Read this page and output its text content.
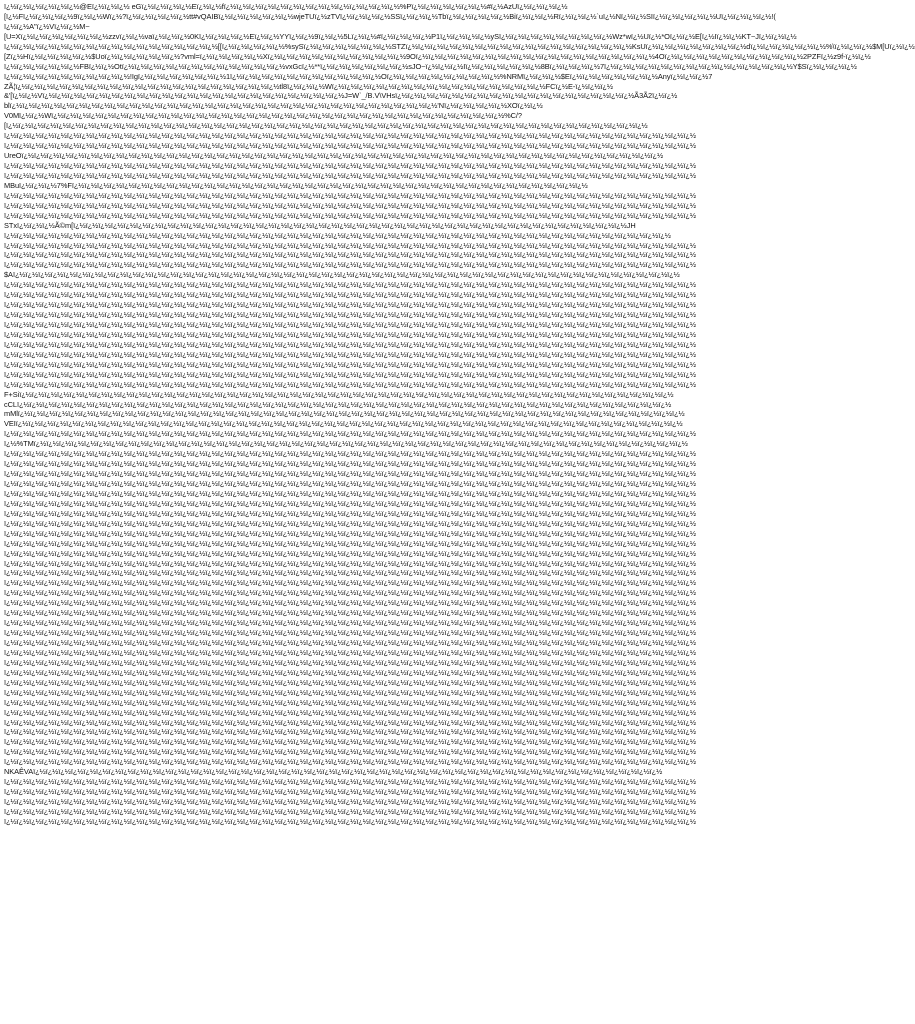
ï¿½ï¿½ï¿½ï¿½ï¿½ï¿½@Eï¿½ï¿½ï¿½ eGï¿½ï¿½ï¿½ï¿½Eï¿½ï¿½fï¿½ï¿½ï¿½ï¿½ï¿½ï¿½ï¿½ï¿½ï¿½ï¿½ï¿½ï¿½ï¿½ï¿½%Pï¿½ï¿½ï¿½ï¿½ï¿½ï¿½#ï¿½AzUï¿½ï¿½ï¿½ï¿½
[ï¿½Fï¿½ï¿½ï¿½ï¿½9ï¿½ï¿½Wï¿½?ï¿½ï¿½ï¿½ï¿½ï¿½tt#vQAIBï¿½ï¿½ï¿½ï¿½ï¿½ï¿½wjeTUï¿½zTVï¿½ï¿½ï¿½ï¿½SSï¿½ï¿½ï¿½Tbï¿½ï¿½ï¿½ï¿½ï¿½Biï¿½ï¿½ï¿½Rï¿½ï¿½ï¿½`uï¿½Nï¿½ï¿½SIï¿½ï¿½ï¿½ï¿½ï¿½Uï¿½ï¿½ï¿½ï¿½!(
ï¿½ï¿½A"ï¿½Vï¿½ï¿½M~
[U=Xï¿½ï¿½ï¿½ï¿½ï¿½ï¿½ï¿½zzvï¿½ï¿½vaï¿½ï¿½ï¿½0Kï¿½ï¿½ï¿½ï¿½Eï¿½ï¿½YYï¿½ï¿½9ï¿½ï¿½5Lï¿½ï¿½#ï¿½ï¿½ï¿½ï¿½P1ï¿½ï¿½ï¿½ï¿½ySï¿½ï¿½ï¿½ï¿½ï¿½ï¿½ï¿½ï¿½ï¿½Wz*wï¿½Uï¿½*Oï¿½ï¿½E[ï¿½Iï¿½ï¿½KT~Jï¿½ï¿½ï¿½
ï¿½ï¿½ï¿½ï¿½ï¿½ï¿½ï¿½ï¿½ï¿½ï¿½ï¿½ï¿½ï¿½ï¿½ï¿½ï¿½ï¿½[[ï¿½ï¿½ï¿½ï¿½ï¿½%sySï¿½ï¿½ï¿½ï¿½ï¿½ï¿½ï¿½STZï¿½ï¿½ï¿½ï¿½ï¿½ï¿½ï¿½ï¿½ï¿½ï¿½ï¿½ï¿½ï¿½ï¿½ï¿½ï¿½ï¿½ï¿½KsUï¿½ï¿½ï¿½ï¿½ï¿½ï¿½ï¿½ï¿½dï¿½ï¿½ï¿½ï¿½ï¿½ï¿½%\ï¿½ï¿½ï¿½$M[Uï¿½ï¿½
[Zï¿½Hï¿½ï¿½ï¿½ï¿½ï¿½$Uoï¿½ï¿½ï¿½ï¿½ï¿½ï¿½?vml=ï¿½ï¿½ï¿½ï¿½ï¿½Xï¿½ï¿½ï¿½ï¿½ï¿½ï¿½ï¿½ï¿½ï¿½ï¿½ï¿½9Oï¿½ï¿½ï¿½ï¿½ï¿½ï¿½ï¿½ï¿½ï¿½ï¿½ï¿½ï¿½ï¿½ï¿½ï¿½ï¿½ï¿½ï¿½ï¿½4Oï¿½ï¿½ï¿½ï¿½ï¿½ï¿½ï¿½ï¿½ï¿½ï¿½ï¿½2PZFï¿½z9f-ï¿½ï¿½
ï¿½ï¿½ï¿½ï¿½ï¿½ï¿½FBï¿½ï¿½Otï¿½ï¿½ï¿½ï¿½ï¿½ï¿½ï¿½ï¿½ï¿½ï¿½ï¿½ï¿½ï¿½vxGcï¿½**ï¿½ï¿½ï¿½ï¿½ï¿½ï¿½ï¿½sJO~ï¿½ï¿½ï¿½Iï¿½ï¿½ï¿½ï¿½ï¿½ï¿½8Bï¿½ï¿½ï¿½ï¿½7ï¿½ï¿½ï¿½ï¿½ï¿½ï¿½ï¿½ï¿½ï¿½ï¿½ï¿½ï¿½ï¿½ï¿½ï¿½Y$Sï¿½ï¿½ï¿½ï¿½
ï¿½ï¿½ï¿½ï¿½ï¿½ï¿½ï¿½ï¿½ï¿½ï¿½!Igï¿½ï¿½ï¿½ï¿½ï¿½ï¿½ï¿½1ï¿½ï¿½ï¿½ï¿½ï¿½ï¿½ï¿½ï¿½ï¿½ï¿½ï¿½ï¿½Oï¿½ï¿½ï¿½ï¿½ï¿½ï¿½ï¿½ï¿½ï¿½%NRMï¿½ï¿½ï¿½$Eï¿½ï¿½ï¿½ï¿½ï¿½ï¿½ï¿½Anyï¿½ï¿½ï¿½7
ZÃ¦ï¿½ï¿½ï¿½ï¿½ï¿½ï¿½ï¿½ï¿½ï¿½ï¿½ï¿½ï¿½ï¿½ï¿½ï¿½ï¿½ï¿½ï¿½ï¿½ï¿½ï¿½tl8ï¿½ï¿½ï¿½Wï¿½ï¿½ï¿½ï¿½ï¿½ï¿½ï¿½ï¿½ï¿½ï¿½ï¿½ï¿½ï¿½ï¿½ï¿½ï¿½ï¿½FCï¿½E-ï¿½ï¿½ï¿½
&'[ï¿½ï¿½Vï¿½ï¿½ï¿½ï¿½ï¿½ï¿½ï¿½ï¿½ï¿½ï¿½ï¿½ï¿½ï¿½ï¿½ï¿½ï¿½ï¿½ï¿½ï¿½ï¿½ï¿½ï¿½ï¿½ï¿½J=W`_/B.V\VHsï¿½ï¿½ï¿½ï¿½ï¿½ï¿½ï¿½ï¿½ï¿½ï¿½ï¿½ï¿½ï¿½ï¿½ï¿½ï¿½ï¿½ï¿½ï¿½Ã3Ã2ï¿½ï¿½
blï¿½ï¿½ï¿½ï¿½ï¿½ï¿½ï¿½ï¿½ï¿½ï¿½ï¿½ï¿½ï¿½ï¿½ï¿½ï¿½ï¿½ï¿½ï¿½ï¿½ï¿½ï¿½ï¿½ï¿½ï¿½ï¿½ï¿½ï¿½ï¿½ï¿½ï¿½ï¿½ï¿½ï¿½'Nï¿½ï¿½ï¿½ï¿½ï¿½XOï¿½ï¿½
V0Mï¿½ï¿½Wï¿½ï¿½ï¿½ï¿½ï¿½ï¿½ï¿½ï¿½ï¿½ï¿½ï¿½ï¿½ï¿½ï¿½ï¿½ï¿½ï¿½ï¿½ï¿½ï¿½ï¿½ï¿½ï¿½ï¿½ï¿½ï¿½ï¿½ï¿½ï¿½ï¿½ï¿½ï¿½ï¿½ï¿½ï¿½ï¿½%C/?
[ï¿½ï¿½ï¿½ï¿½ï¿½ï¿½ï¿½ï¿½ï¿½ï¿½ï¿½ï¿½ï¿½ï¿½ï¿½ï¿½ï¿½ï¿½ï¿½ï¿½ï¿½ï¿½ï¿½ï¿½ï¿½ï¿½ï¿½ï¿½ï¿½ï¿½ï¿½ï¿½ï¿½ï¿½ï¿½ï¿½ï¿½ï¿½ï¿½ï¿½ï¿½ï¿½ï¿½ï¿½ï¿½ï¿½ï¿½ï¿½ï¿½ï¿½ï¿½
ï¿½ï¿½ï¿½ï¿½ï¿½ï¿½ï¿½ï¿½ï¿½ï¿½ï¿½ï¿½ï¿½ï¿½ï¿½ï¿½ï¿½ï¿½ï¿½ï¿½ï¿½ï¿½ï¿½ï¿½ï¿½ï¿½ï¿½ï¿½ï¿½ï¿½ï¿½ï¿½ï¿½ï¿½ï¿½ï¿½ï¿½ï¿½ï¿½ï¿½ï¿½ï¿½ï¿½ï¿½ï¿½ï¿½ï¿½ï¿½ï¿½ï¿½ï¿½ï¿½ï¿½ï¿½ï¿½
ï¿½ï¿½ï¿½ï¿½ï¿½ï¿½ï¿½ï¿½ï¿½ï¿½ï¿½ï¿½ï¿½ï¿½ï¿½ï¿½ï¿½ï¿½ï¿½ï¿½ï¿½ï¿½ï¿½ï¿½ï¿½ï¿½ï¿½ï¿½ï¿½ï¿½ï¿½ï¿½ï¿½ï¿½ï¿½ï¿½ï¿½ï¿½ï¿½ï¿½ï¿½ï¿½ï¿½ï¿½ï¿½ï¿½ï¿½ï¿½ï¿½ï¿½ï¿½ï¿½ï¿½ï¿½ï¿½
UreOï¿½ï¿½ï¿½ï¿½ï¿½ï¿½ï¿½ï¿½ï¿½ï¿½ï¿½ï¿½ï¿½ï¿½ï¿½ï¿½ï¿½ï¿½ï¿½ï¿½ï¿½ï¿½ï¿½ï¿½ï¿½ï¿½ï¿½ï¿½ï¿½ï¿½ï¿½ï¿½ï¿½ï¿½ï¿½ï¿½ï¿½ï¿½ï¿½ï¿½ï¿½ï¿½ï¿½ï¿½ï¿½ï¿½ï¿½ï¿½ï¿½ï¿½ï¿½
ï¿½ï¿½ï¿½ï¿½ï¿½ï¿½ï¿½ï¿½ï¿½ï¿½ï¿½ï¿½ï¿½ï¿½ï¿½ï¿½ï¿½ï¿½ï¿½ï¿½ï¿½ï¿½ï¿½ï¿½ï¿½ï¿½ï¿½ï¿½ï¿½ï¿½ï¿½ï¿½ï¿½ï¿½ï¿½ï¿½ï¿½ï¿½ï¿½ï¿½ï¿½ï¿½ï¿½ï¿½ï¿½ï¿½ï¿½ï¿½ï¿½ï¿½ï¿½ï¿½ï¿½ï¿½ï¿½
ï¿½ï¿½ï¿½ï¿½ï¿½ï¿½ï¿½ï¿½ï¿½ï¿½ï¿½ï¿½ï¿½ï¿½ï¿½ï¿½ï¿½ï¿½ï¿½ï¿½ï¿½ï¿½ï¿½ï¿½ï¿½ï¿½ï¿½ï¿½ï¿½ï¿½ï¿½ï¿½ï¿½ï¿½ï¿½ï¿½ï¿½ï¿½ï¿½ï¿½ï¿½ï¿½ï¿½ï¿½ï¿½ï¿½ï¿½ï¿½ï¿½ï¿½ï¿½ï¿½ï¿½ï¿½ï¿½
MBuï¿½ï¿½ï¿½7%Fï¿½ï¿½ï¿½ï¿½ï¿½ï¿½ï¿½ï¿½ï¿½ï¿½ï¿½ï¿½ï¿½ï¿½ï¿½ï¿½ï¿½ï¿½ï¿½ï¿½ï¿½ï¿½ï¿½ï¿½ï¿½ï¿½ï¿½ï¿½ï¿½ï¿½ï¿½ï¿½ï¿½ï¿½ï¿½ï¿½ï¿½ï¿½ï¿½ï¿½ï¿½
ï¿½ï¿½ï¿½ï¿½ï¿½ï¿½ï¿½ï¿½ï¿½ï¿½ï¿½ï¿½ï¿½ï¿½ï¿½ï¿½ï¿½ï¿½ï¿½ï¿½ï¿½ï¿½ï¿½ï¿½ï¿½ï¿½ï¿½ï¿½ï¿½ï¿½ï¿½ï¿½ï¿½ï¿½ï¿½ï¿½ï¿½ï¿½ï¿½ï¿½ï¿½ï¿½ï¿½ï¿½ï¿½ï¿½ï¿½ï¿½ï¿½ï¿½ï¿½ï¿½ï¿½ï¿½ï¿½
ï¿½ï¿½ï¿½ï¿½ï¿½ï¿½ï¿½ï¿½ï¿½ï¿½ï¿½ï¿½ï¿½ï¿½ï¿½ï¿½ï¿½ï¿½ï¿½ï¿½ï¿½ï¿½ï¿½ï¿½ï¿½ï¿½ï¿½ï¿½ï¿½ï¿½ï¿½ï¿½ï¿½ï¿½ï¿½ï¿½ï¿½ï¿½ï¿½ï¿½ï¿½ï¿½ï¿½ï¿½ï¿½ï¿½ï¿½ï¿½ï¿½ï¿½ï¿½ï¿½ï¿½ï¿½ï¿½
ï¿½ï¿½ï¿½ï¿½ï¿½ï¿½ï¿½ï¿½ï¿½ï¿½ï¿½ï¿½ï¿½ï¿½ï¿½ï¿½ï¿½ï¿½ï¿½ï¿½ï¿½ï¿½ï¿½ï¿½ï¿½ï¿½ï¿½ï¿½ï¿½ï¿½ï¿½ï¿½ï¿½ï¿½ï¿½ï¿½ï¿½ï¿½ï¿½ï¿½ï¿½ï¿½ï¿½ï¿½ï¿½ï¿½ï¿½ï¿½ï¿½ï¿½ï¿½ï¿½ï¿½ï¿½ï¿½
STxï¿½ï¿½ï¿½Ã©m[ï¿½ï¿½ï¿½ï¿½ï¿½ï¿½ï¿½ï¿½ï¿½ï¿½ï¿½ï¿½ï¿½ï¿½ï¿½ï¿½ï¿½ï¿½ï¿½ï¿½ï¿½ï¿½ï¿½ï¿½ï¿½ï¿½ï¿½ï¿½ï¿½ï¿½ï¿½ï¿½ï¿½ï¿½ï¿½ï¿½ï¿½ï¿½ï¿½ï¿½ï¿½ï¿½ï¿½ï¿½JH
ï¿½ï¿½ï¿½ï¿½ï¿½ï¿½ï¿½ï¿½ï¿½ï¿½ï¿½ï¿½ï¿½ï¿½ï¿½ï¿½ï¿½ï¿½ï¿½ï¿½ï¿½ï¿½ï¿½ï¿½ï¿½ï¿½ï¿½ï¿½ï¿½ï¿½ï¿½ï¿½ï¿½ï¿½ï¿½ï¿½ï¿½ï¿½ï¿½ï¿½ï¿½ï¿½ï¿½ï¿½ï¿½ï¿½ï¿½ï¿½ï¿½ï¿½ï¿½ï¿½ï¿½
ï¿½ï¿½ï¿½ï¿½ï¿½ï¿½ï¿½ï¿½ï¿½ï¿½ï¿½ï¿½ï¿½ï¿½ï¿½ï¿½ï¿½ï¿½ï¿½ï¿½ï¿½ï¿½ï¿½ï¿½ï¿½ï¿½ï¿½ï¿½ï¿½ï¿½ï¿½ï¿½ï¿½ï¿½ï¿½ï¿½ï¿½ï¿½ï¿½ï¿½ï¿½ï¿½ï¿½ï¿½ï¿½ï¿½ï¿½ï¿½ï¿½ï¿½ï¿½ï¿½ï¿½ï¿½ï¿½
ï¿½ï¿½ï¿½ï¿½ï¿½ï¿½ï¿½ï¿½ï¿½ï¿½ï¿½ï¿½ï¿½ï¿½ï¿½ï¿½ï¿½ï¿½ï¿½ï¿½ï¿½ï¿½ï¿½ï¿½ï¿½ï¿½ï¿½ï¿½ï¿½ï¿½ï¿½ï¿½ï¿½ï¿½ï¿½ï¿½ï¿½ï¿½ï¿½ï¿½ï¿½ï¿½ï¿½ï¿½ï¿½ï¿½ï¿½ï¿½ï¿½ï¿½ï¿½ï¿½ï¿½ï¿½ï¿½
ï¿½ï¿½ï¿½ï¿½ï¿½ï¿½ï¿½ï¿½ï¿½ï¿½ï¿½ï¿½ï¿½ï¿½ï¿½ï¿½ï¿½ï¿½ï¿½ï¿½ï¿½ï¿½ï¿½ï¿½ï¿½ï¿½ï¿½ï¿½ï¿½ï¿½ï¿½ï¿½ï¿½ï¿½ï¿½ï¿½ï¿½ï¿½ï¿½ï¿½ï¿½ï¿½ï¿½ï¿½ï¿½ï¿½ï¿½ï¿½ï¿½ï¿½ï¿½ï¿½ï¿½ï¿½ï¿½
$Aï¿½ï¿½ï¿½ï¿½ï¿½ï¿½ï¿½ï¿½ï¿½ï¿½ï¿½ï¿½ï¿½ï¿½ï¿½ï¿½ï¿½ï¿½ï¿½ï¿½ï¿½ï¿½ï¿½ï¿½ï¿½ï¿½ï¿½ï¿½ï¿½ï¿½ï¿½ï¿½ï¿½ï¿½ï¿½ï¿½ï¿½ï¿½ï¿½ï¿½ï¿½ï¿½ï¿½ï¿½ï¿½ï¿½ï¿½ï¿½ï¿½ï¿½ï¿½ï¿½ï¿½
ï¿½ï¿½ï¿½ï¿½ï¿½ï¿½ï¿½ï¿½ï¿½ï¿½ï¿½ï¿½ï¿½ï¿½ï¿½ï¿½ï¿½ï¿½ï¿½ï¿½ï¿½ï¿½ï¿½ï¿½ï¿½ï¿½ï¿½ï¿½ï¿½ï¿½ï¿½ï¿½ï¿½ï¿½ï¿½ï¿½ï¿½ï¿½ï¿½ï¿½ï¿½ï¿½ï¿½ï¿½ï¿½ï¿½ï¿½ï¿½ï¿½ï¿½ï¿½ï¿½ï¿½ï¿½ï¿½
ï¿½ï¿½ï¿½ï¿½ï¿½ï¿½ï¿½ï¿½ï¿½ï¿½ï¿½ï¿½ï¿½ï¿½ï¿½ï¿½ï¿½ï¿½ï¿½ï¿½ï¿½ï¿½ï¿½ï¿½ï¿½ï¿½ï¿½ï¿½ï¿½ï¿½ï¿½ï¿½ï¿½ï¿½ï¿½ï¿½ï¿½ï¿½ï¿½ï¿½ï¿½ï¿½ï¿½ï¿½ï¿½ï¿½ï¿½ï¿½ï¿½ï¿½ï¿½ï¿½ï¿½ï¿½ï¿½
ï¿½ï¿½ï¿½ï¿½ï¿½ï¿½ï¿½ï¿½ï¿½ï¿½ï¿½ï¿½ï¿½ï¿½ï¿½ï¿½ï¿½ï¿½ï¿½ï¿½ï¿½ï¿½ï¿½ï¿½ï¿½ï¿½ï¿½ï¿½ï¿½ï¿½ï¿½ï¿½ï¿½ï¿½ï¿½ï¿½ï¿½ï¿½ï¿½ï¿½ï¿½ï¿½ï¿½ï¿½ï¿½ï¿½ï¿½ï¿½ï¿½ï¿½ï¿½ï¿½ï¿½ï¿½ï¿½
ï¿½ï¿½ï¿½ï¿½ï¿½ï¿½ï¿½ï¿½ï¿½ï¿½ï¿½ï¿½ï¿½ï¿½ï¿½ï¿½ï¿½ï¿½ï¿½ï¿½ï¿½ï¿½ï¿½ï¿½ï¿½ï¿½ï¿½ï¿½ï¿½ï¿½ï¿½ï¿½ï¿½ï¿½ï¿½ï¿½ï¿½ï¿½ï¿½ï¿½ï¿½ï¿½ï¿½ï¿½ï¿½ï¿½ï¿½ï¿½ï¿½ï¿½ï¿½ï¿½ï¿½ï¿½ï¿½
ï¿½ï¿½ï¿½ï¿½ï¿½ï¿½ï¿½ï¿½ï¿½ï¿½ï¿½ï¿½ï¿½ï¿½ï¿½ï¿½ï¿½ï¿½ï¿½ï¿½ï¿½ï¿½ï¿½ï¿½ï¿½ï¿½ï¿½ï¿½ï¿½ï¿½ï¿½ï¿½ï¿½ï¿½ï¿½ï¿½ï¿½ï¿½ï¿½ï¿½ï¿½ï¿½ï¿½ï¿½ï¿½ï¿½ï¿½ï¿½ï¿½ï¿½ï¿½ï¿½ï¿½ï¿½ï¿½
ï¿½ï¿½ï¿½ï¿½ï¿½ï¿½ï¿½ï¿½ï¿½ï¿½ï¿½ï¿½ï¿½ï¿½ï¿½ï¿½ï¿½ï¿½ï¿½ï¿½ï¿½ï¿½ï¿½ï¿½ï¿½ï¿½ï¿½ï¿½ï¿½ï¿½ï¿½ï¿½ï¿½ï¿½ï¿½ï¿½ï¿½ï¿½ï¿½ï¿½ï¿½ï¿½ï¿½ï¿½ï¿½ï¿½ï¿½ï¿½ï¿½ï¿½ï¿½ï¿½ï¿½ï¿½ï¿½
ï¿½ï¿½ï¿½ï¿½ï¿½ï¿½ï¿½ï¿½ï¿½ï¿½ï¿½ï¿½ï¿½ï¿½ï¿½ï¿½ï¿½ï¿½ï¿½ï¿½ï¿½ï¿½ï¿½ï¿½ï¿½ï¿½ï¿½ï¿½ï¿½ï¿½ï¿½ï¿½ï¿½ï¿½ï¿½ï¿½ï¿½ï¿½ï¿½ï¿½ï¿½ï¿½ï¿½ï¿½ï¿½ï¿½ï¿½ï¿½ï¿½ï¿½ï¿½ï¿½ï¿½ï¿½ï¿½
ï¿½ï¿½ï¿½ï¿½ï¿½ï¿½ï¿½ï¿½ï¿½ï¿½ï¿½ï¿½ï¿½ï¿½ï¿½ï¿½ï¿½ï¿½ï¿½ï¿½ï¿½ï¿½ï¿½ï¿½ï¿½ï¿½ï¿½ï¿½ï¿½ï¿½ï¿½ï¿½ï¿½ï¿½ï¿½ï¿½ï¿½ï¿½ï¿½ï¿½ï¿½ï¿½ï¿½ï¿½ï¿½ï¿½ï¿½ï¿½ï¿½ï¿½ï¿½ï¿½ï¿½ï¿½ï¿½
ï¿½ï¿½ï¿½ï¿½ï¿½ï¿½ï¿½ï¿½ï¿½ï¿½ï¿½ï¿½ï¿½ï¿½ï¿½ï¿½ï¿½ï¿½ï¿½ï¿½ï¿½ï¿½ï¿½ï¿½ï¿½ï¿½ï¿½ï¿½ï¿½ï¿½ï¿½ï¿½ï¿½ï¿½ï¿½ï¿½ï¿½ï¿½ï¿½ï¿½ï¿½ï¿½ï¿½ï¿½ï¿½ï¿½ï¿½ï¿½ï¿½ï¿½ï¿½ï¿½ï¿½ï¿½ï¿½
ï¿½ï¿½ï¿½ï¿½ï¿½ï¿½ï¿½ï¿½ï¿½ï¿½ï¿½ï¿½ï¿½ï¿½ï¿½ï¿½ï¿½ï¿½ï¿½ï¿½ï¿½ï¿½ï¿½ï¿½ï¿½ï¿½ï¿½ï¿½ï¿½ï¿½ï¿½ï¿½ï¿½ï¿½ï¿½ï¿½ï¿½ï¿½ï¿½ï¿½ï¿½ï¿½ï¿½ï¿½ï¿½ï¿½ï¿½ï¿½ï¿½ï¿½ï¿½ï¿½ï¿½ï¿½ï¿½
ï¿½ï¿½ï¿½ï¿½ï¿½ï¿½ï¿½ï¿½ï¿½ï¿½ï¿½ï¿½ï¿½ï¿½ï¿½ï¿½ï¿½ï¿½ï¿½ï¿½ï¿½ï¿½ï¿½ï¿½ï¿½ï¿½ï¿½ï¿½ï¿½ï¿½ï¿½ï¿½ï¿½ï¿½ï¿½ï¿½ï¿½ï¿½ï¿½ï¿½ï¿½ï¿½ï¿½ï¿½ï¿½ï¿½ï¿½ï¿½ï¿½ï¿½ï¿½ï¿½ï¿½ï¿½ï¿½
F+Siï¿½ï¿½ï¿½ï¿½ï¿½ï¿½ï¿½ï¿½ï¿½ï¿½ï¿½ï¿½ï¿½ï¿½ï¿½ï¿½ï¿½ï¿½ï¿½ï¿½ï¿½ï¿½ï¿½ï¿½ï¿½ï¿½ï¿½ï¿½ï¿½ï¿½ï¿½ï¿½ï¿½ï¿½ï¿½ï¿½ï¿½ï¿½ï¿½ï¿½ï¿½ï¿½ï¿½ï¿½ï¿½ï¿½ï¿½ï¿½ï¿½ï¿½ï¿½ï¿½
cCLï¿½ï¿½ï¿½ï¿½ï¿½ï¿½ï¿½ï¿½ï¿½ï¿½ï¿½ï¿½ï¿½ï¿½ï¿½ï¿½ï¿½ï¿½ï¿½ï¿½ï¿½ï¿½ï¿½ï¿½ï¿½ï¿½ï¿½ï¿½ï¿½ï¿½ï¿½ï¿½ï¿½ï¿½ï¿½ï¿½ï¿½ï¿½ï¿½ï¿½ï¿½ï¿½ï¿½ï¿½ï¿½ï¿½ï¿½ï¿½ï¿½ï¿½ï¿½ï¿½
mMlï¿½ï¿½ï¿½ï¿½ï¿½ï¿½ï¿½ï¿½ï¿½ï¿½ï¿½ï¿½ï¿½ï¿½ï¿½ï¿½ï¿½ï¿½ï¿½ï¿½ï¿½ï¿½ï¿½ï¿½ï¿½ï¿½ï¿½ï¿½ï¿½ï¿½ï¿½ï¿½ï¿½ï¿½ï¿½ï¿½ï¿½ï¿½ï¿½ï¿½ï¿½ï¿½ï¿½ï¿½ï¿½ï¿½ï¿½ï¿½ï¿½ï¿½ï¿½ï¿½ï¿½
VEIï¿½ï¿½ï¿½ï¿½ï¿½ï¿½ï¿½ï¿½ï¿½ï¿½ï¿½ï¿½ï¿½ï¿½ï¿½ï¿½ï¿½ï¿½ï¿½ï¿½ï¿½ï¿½ï¿½ï¿½ï¿½ï¿½ï¿½ï¿½ï¿½ï¿½ï¿½ï¿½ï¿½ï¿½ï¿½ï¿½ï¿½ï¿½ï¿½ï¿½ï¿½ï¿½ï¿½ï¿½ï¿½ï¿½ï¿½ï¿½ï¿½ï¿½ï¿½ï¿½ï¿½
ï¿½ï¿½ï¿½ï¿½ï¿½ï¿½ï¿½ï¿½ï¿½ï¿½ï¿½ï¿½ï¿½ï¿½ï¿½ï¿½ï¿½ï¿½ï¿½ï¿½ï¿½ï¿½ï¿½ï¿½ï¿½ï¿½ï¿½ï¿½ï¿½ï¿½ï¿½ï¿½ï¿½ï¿½ï¿½ï¿½ï¿½ï¿½ï¿½ï¿½ï¿½ï¿½ï¿½ï¿½ï¿½ï¿½ï¿½ï¿½ï¿½ï¿½ï¿½ï¿½ï¿½ï¿½ï¿½
ï¿½%TMï¿½ï¿½ï¿½ï¿½ï¿½ï¿½ï¿½ï¿½ï¿½ï¿½ï¿½ï¿½ï¿½ï¿½ï¿½ï¿½ï¿½ï¿½ï¿½ï¿½ï¿½ï¿½ï¿½ï¿½ï¿½ï¿½ï¿½ï¿½ï¿½ï¿½ï¿½ï¿½ï¿½ï¿½ï¿½ï¿½ï¿½ï¿½ï¿½ï¿½ï¿½ï¿½ï¿½ï¿½ï¿½ï¿½ï¿½ï¿½ï¿½ï¿½ï¿½ï¿½
ï¿½ï¿½ï¿½ï¿½ï¿½ï¿½ï¿½ï¿½ï¿½ï¿½ï¿½ï¿½ï¿½ï¿½ï¿½ï¿½ï¿½ï¿½ï¿½ï¿½ï¿½ï¿½ï¿½ï¿½ï¿½ï¿½ï¿½ï¿½ï¿½ï¿½ï¿½ï¿½ï¿½ï¿½ï¿½ï¿½ï¿½ï¿½ï¿½ï¿½ï¿½ï¿½ï¿½ï¿½ï¿½ï¿½ï¿½ï¿½ï¿½ï¿½ï¿½ï¿½ï¿½ï¿½ï¿½
ï¿½ï¿½ï¿½ï¿½ï¿½ï¿½ï¿½ï¿½ï¿½ï¿½ï¿½ï¿½ï¿½ï¿½ï¿½ï¿½ï¿½ï¿½ï¿½ï¿½ï¿½ï¿½ï¿½ï¿½ï¿½ï¿½ï¿½ï¿½ï¿½ï¿½ï¿½ï¿½ï¿½ï¿½ï¿½ï¿½ï¿½ï¿½ï¿½ï¿½ï¿½ï¿½ï¿½ï¿½ï¿½ï¿½ï¿½ï¿½ï¿½ï¿½ï¿½ï¿½ï¿½ï¿½ï¿½
ï¿½ï¿½ï¿½ï¿½ï¿½ï¿½ï¿½ï¿½ï¿½ï¿½ï¿½ï¿½ï¿½ï¿½ï¿½ï¿½ï¿½ï¿½ï¿½ï¿½ï¿½ï¿½ï¿½ï¿½ï¿½ï¿½ï¿½ï¿½ï¿½ï¿½ï¿½ï¿½ï¿½ï¿½ï¿½ï¿½ï¿½ï¿½ï¿½ï¿½ï¿½ï¿½ï¿½ï¿½ï¿½ï¿½ï¿½ï¿½ï¿½ï¿½ï¿½ï¿½ï¿½ï¿½ï¿½
ï¿½ï¿½ï¿½ï¿½ï¿½ï¿½ï¿½ï¿½ï¿½ï¿½ï¿½ï¿½ï¿½ï¿½ï¿½ï¿½ï¿½ï¿½ï¿½ï¿½ï¿½ï¿½ï¿½ï¿½ï¿½ï¿½ï¿½ï¿½ï¿½ï¿½ï¿½ï¿½ï¿½ï¿½ï¿½ï¿½ï¿½ï¿½ï¿½ï¿½ï¿½ï¿½ï¿½ï¿½ï¿½ï¿½ï¿½ï¿½ï¿½ï¿½ï¿½ï¿½ï¿½ï¿½ï¿½
ï¿½ï¿½ï¿½ï¿½ï¿½ï¿½ï¿½ï¿½ï¿½ï¿½ï¿½ï¿½ï¿½ï¿½ï¿½ï¿½ï¿½ï¿½ï¿½ï¿½ï¿½ï¿½ï¿½ï¿½ï¿½ï¿½ï¿½ï¿½ï¿½ï¿½ï¿½ï¿½ï¿½ï¿½ï¿½ï¿½ï¿½ï¿½ï¿½ï¿½ï¿½ï¿½ï¿½ï¿½ï¿½ï¿½ï¿½ï¿½ï¿½ï¿½ï¿½ï¿½ï¿½ï¿½ï¿½
ï¿½ï¿½ï¿½ï¿½ï¿½ï¿½ï¿½ï¿½ï¿½ï¿½ï¿½ï¿½ï¿½ï¿½ï¿½ï¿½ï¿½ï¿½ï¿½ï¿½ï¿½ï¿½ï¿½ï¿½ï¿½ï¿½ï¿½ï¿½ï¿½ï¿½ï¿½ï¿½ï¿½ï¿½ï¿½ï¿½ï¿½ï¿½ï¿½ï¿½ï¿½ï¿½ï¿½ï¿½ï¿½ï¿½ï¿½ï¿½ï¿½ï¿½ï¿½ï¿½ï¿½ï¿½ï¿½
ï¿½ï¿½ï¿½ï¿½ï¿½ï¿½ï¿½ï¿½ï¿½ï¿½ï¿½ï¿½ï¿½ï¿½ï¿½ï¿½ï¿½ï¿½ï¿½ï¿½ï¿½ï¿½ï¿½ï¿½ï¿½ï¿½ï¿½ï¿½ï¿½ï¿½ï¿½ï¿½ï¿½ï¿½ï¿½ï¿½ï¿½ï¿½ï¿½ï¿½ï¿½ï¿½ï¿½ï¿½ï¿½ï¿½ï¿½ï¿½ï¿½ï¿½ï¿½ï¿½ï¿½ï¿½ï¿½
ï¿½ï¿½ï¿½ï¿½ï¿½ï¿½ï¿½ï¿½ï¿½ï¿½ï¿½ï¿½ï¿½ï¿½ï¿½ï¿½ï¿½ï¿½ï¿½ï¿½ï¿½ï¿½ï¿½ï¿½ï¿½ï¿½ï¿½ï¿½ï¿½ï¿½ï¿½ï¿½ï¿½ï¿½ï¿½ï¿½ï¿½ï¿½ï¿½ï¿½ï¿½ï¿½ï¿½ï¿½ï¿½ï¿½ï¿½ï¿½ï¿½ï¿½ï¿½ï¿½ï¿½ï¿½ï¿½
ï¿½ï¿½ï¿½ï¿½ï¿½ï¿½ï¿½ï¿½ï¿½ï¿½ï¿½ï¿½ï¿½ï¿½ï¿½ï¿½ï¿½ï¿½ï¿½ï¿½ï¿½ï¿½ï¿½ï¿½ï¿½ï¿½ï¿½ï¿½ï¿½ï¿½ï¿½ï¿½ï¿½ï¿½ï¿½ï¿½ï¿½ï¿½ï¿½ï¿½ï¿½ï¿½ï¿½ï¿½ï¿½ï¿½ï¿½ï¿½ï¿½ï¿½ï¿½ï¿½ï¿½ï¿½ï¿½
ï¿½ï¿½ï¿½ï¿½ï¿½ï¿½ï¿½ï¿½ï¿½ï¿½ï¿½ï¿½ï¿½ï¿½ï¿½ï¿½ï¿½ï¿½ï¿½ï¿½ï¿½ï¿½ï¿½ï¿½ï¿½ï¿½ï¿½ï¿½ï¿½ï¿½ï¿½ï¿½ï¿½ï¿½ï¿½ï¿½ï¿½ï¿½ï¿½ï¿½ï¿½ï¿½ï¿½ï¿½ï¿½ï¿½ï¿½ï¿½ï¿½ï¿½ï¿½ï¿½ï¿½ï¿½ï¿½
ï¿½ï¿½ï¿½ï¿½ï¿½ï¿½ï¿½ï¿½ï¿½ï¿½ï¿½ï¿½ï¿½ï¿½ï¿½ï¿½ï¿½ï¿½ï¿½ï¿½ï¿½ï¿½ï¿½ï¿½ï¿½ï¿½ï¿½ï¿½ï¿½ï¿½ï¿½ï¿½ï¿½ï¿½ï¿½ï¿½ï¿½ï¿½ï¿½ï¿½ï¿½ï¿½ï¿½ï¿½ï¿½ï¿½ï¿½ï¿½ï¿½ï¿½ï¿½ï¿½ï¿½ï¿½ï¿½
ï¿½ï¿½ï¿½ï¿½ï¿½ï¿½ï¿½ï¿½ï¿½ï¿½ï¿½ï¿½ï¿½ï¿½ï¿½ï¿½ï¿½ï¿½ï¿½ï¿½ï¿½ï¿½ï¿½ï¿½ï¿½ï¿½ï¿½ï¿½ï¿½ï¿½ï¿½ï¿½ï¿½ï¿½ï¿½ï¿½ï¿½ï¿½ï¿½ï¿½ï¿½ï¿½ï¿½ï¿½ï¿½ï¿½ï¿½ï¿½ï¿½ï¿½ï¿½ï¿½ï¿½ï¿½ï¿½
ï¿½ï¿½ï¿½ï¿½ï¿½ï¿½ï¿½ï¿½ï¿½ï¿½ï¿½ï¿½ï¿½ï¿½ï¿½ï¿½ï¿½ï¿½ï¿½ï¿½ï¿½ï¿½ï¿½ï¿½ï¿½ï¿½ï¿½ï¿½ï¿½ï¿½ï¿½ï¿½ï¿½ï¿½ï¿½ï¿½ï¿½ï¿½ï¿½ï¿½ï¿½ï¿½ï¿½ï¿½ï¿½ï¿½ï¿½ï¿½ï¿½ï¿½ï¿½ï¿½ï¿½ï¿½ï¿½
ï¿½ï¿½ï¿½ï¿½ï¿½ï¿½ï¿½ï¿½ï¿½ï¿½ï¿½ï¿½ï¿½ï¿½ï¿½ï¿½ï¿½ï¿½ï¿½ï¿½ï¿½ï¿½ï¿½ï¿½ï¿½ï¿½ï¿½ï¿½ï¿½ï¿½ï¿½ï¿½ï¿½ï¿½ï¿½ï¿½ï¿½ï¿½ï¿½ï¿½ï¿½ï¿½ï¿½ï¿½ï¿½ï¿½ï¿½ï¿½ï¿½ï¿½ï¿½ï¿½ï¿½ï¿½ï¿½
ï¿½ï¿½ï¿½ï¿½ï¿½ï¿½ï¿½ï¿½ï¿½ï¿½ï¿½ï¿½ï¿½ï¿½ï¿½ï¿½ï¿½ï¿½ï¿½ï¿½ï¿½ï¿½ï¿½ï¿½ï¿½ï¿½ï¿½ï¿½ï¿½ï¿½ï¿½ï¿½ï¿½ï¿½ï¿½ï¿½ï¿½ï¿½ï¿½ï¿½ï¿½ï¿½ï¿½ï¿½ï¿½ï¿½ï¿½ï¿½ï¿½ï¿½ï¿½ï¿½ï¿½ï¿½ï¿½
ï¿½ï¿½ï¿½ï¿½ï¿½ï¿½ï¿½ï¿½ï¿½ï¿½ï¿½ï¿½ï¿½ï¿½ï¿½ï¿½ï¿½ï¿½ï¿½ï¿½ï¿½ï¿½ï¿½ï¿½ï¿½ï¿½ï¿½ï¿½ï¿½ï¿½ï¿½ï¿½ï¿½ï¿½ï¿½ï¿½ï¿½ï¿½ï¿½ï¿½ï¿½ï¿½ï¿½ï¿½ï¿½ï¿½ï¿½ï¿½ï¿½ï¿½ï¿½ï¿½ï¿½ï¿½ï¿½
ï¿½ï¿½ï¿½ï¿½ï¿½ï¿½ï¿½ï¿½ï¿½ï¿½ï¿½ï¿½ï¿½ï¿½ï¿½ï¿½ï¿½ï¿½ï¿½ï¿½ï¿½ï¿½ï¿½ï¿½ï¿½ï¿½ï¿½ï¿½ï¿½ï¿½ï¿½ï¿½ï¿½ï¿½ï¿½ï¿½ï¿½ï¿½ï¿½ï¿½ï¿½ï¿½ï¿½ï¿½ï¿½ï¿½ï¿½ï¿½ï¿½ï¿½ï¿½ï¿½ï¿½ï¿½ï¿½
ï¿½ï¿½ï¿½ï¿½ï¿½ï¿½ï¿½ï¿½ï¿½ï¿½ï¿½ï¿½ï¿½ï¿½ï¿½ï¿½ï¿½ï¿½ï¿½ï¿½ï¿½ï¿½ï¿½ï¿½ï¿½ï¿½ï¿½ï¿½ï¿½ï¿½ï¿½ï¿½ï¿½ï¿½ï¿½ï¿½ï¿½ï¿½ï¿½ï¿½ï¿½ï¿½ï¿½ï¿½ï¿½ï¿½ï¿½ï¿½ï¿½ï¿½ï¿½ï¿½ï¿½ï¿½ï¿½
ï¿½ï¿½ï¿½ï¿½ï¿½ï¿½ï¿½ï¿½ï¿½ï¿½ï¿½ï¿½ï¿½ï¿½ï¿½ï¿½ï¿½ï¿½ï¿½ï¿½ï¿½ï¿½ï¿½ï¿½ï¿½ï¿½ï¿½ï¿½ï¿½ï¿½ï¿½ï¿½ï¿½ï¿½ï¿½ï¿½ï¿½ï¿½ï¿½ï¿½ï¿½ï¿½ï¿½ï¿½ï¿½ï¿½ï¿½ï¿½ï¿½ï¿½ï¿½ï¿½ï¿½ï¿½ï¿½
ï¿½ï¿½ï¿½ï¿½ï¿½ï¿½ï¿½ï¿½ï¿½ï¿½ï¿½ï¿½ï¿½ï¿½ï¿½ï¿½ï¿½ï¿½ï¿½ï¿½ï¿½ï¿½ï¿½ï¿½ï¿½ï¿½ï¿½ï¿½ï¿½ï¿½ï¿½ï¿½ï¿½ï¿½ï¿½ï¿½ï¿½ï¿½ï¿½ï¿½ï¿½ï¿½ï¿½ï¿½ï¿½ï¿½ï¿½ï¿½ï¿½ï¿½ï¿½ï¿½ï¿½ï¿½ï¿½
ï¿½ï¿½ï¿½ï¿½ï¿½ï¿½ï¿½ï¿½ï¿½ï¿½ï¿½ï¿½ï¿½ï¿½ï¿½ï¿½ï¿½ï¿½ï¿½ï¿½ï¿½ï¿½ï¿½ï¿½ï¿½ï¿½ï¿½ï¿½ï¿½ï¿½ï¿½ï¿½ï¿½ï¿½ï¿½ï¿½ï¿½ï¿½ï¿½ï¿½ï¿½ï¿½ï¿½ï¿½ï¿½ï¿½ï¿½ï¿½ï¿½ï¿½ï¿½ï¿½ï¿½ï¿½ï¿½
ï¿½ï¿½ï¿½ï¿½ï¿½ï¿½ï¿½ï¿½ï¿½ï¿½ï¿½ï¿½ï¿½ï¿½ï¿½ï¿½ï¿½ï¿½ï¿½ï¿½ï¿½ï¿½ï¿½ï¿½ï¿½ï¿½ï¿½ï¿½ï¿½ï¿½ï¿½ï¿½ï¿½ï¿½ï¿½ï¿½ï¿½ï¿½ï¿½ï¿½ï¿½ï¿½ï¿½ï¿½ï¿½ï¿½ï¿½ï¿½ï¿½ï¿½ï¿½ï¿½ï¿½ï¿½ï¿½
ï¿½ï¿½ï¿½ï¿½ï¿½ï¿½ï¿½ï¿½ï¿½ï¿½ï¿½ï¿½ï¿½ï¿½ï¿½ï¿½ï¿½ï¿½ï¿½ï¿½ï¿½ï¿½ï¿½ï¿½ï¿½ï¿½ï¿½ï¿½ï¿½ï¿½ï¿½ï¿½ï¿½ï¿½ï¿½ï¿½ï¿½ï¿½ï¿½ï¿½ï¿½ï¿½ï¿½ï¿½ï¿½ï¿½ï¿½ï¿½ï¿½ï¿½ï¿½ï¿½ï¿½ï¿½ï¿½
ï¿½ï¿½ï¿½ï¿½ï¿½ï¿½ï¿½ï¿½ï¿½ï¿½ï¿½ï¿½ï¿½ï¿½ï¿½ï¿½ï¿½ï¿½ï¿½ï¿½ï¿½ï¿½ï¿½ï¿½ï¿½ï¿½ï¿½ï¿½ï¿½ï¿½ï¿½ï¿½ï¿½ï¿½ï¿½ï¿½ï¿½ï¿½ï¿½ï¿½ï¿½ï¿½ï¿½ï¿½ï¿½ï¿½ï¿½ï¿½ï¿½ï¿½ï¿½ï¿½ï¿½ï¿½ï¿½
ï¿½ï¿½ï¿½ï¿½ï¿½ï¿½ï¿½ï¿½ï¿½ï¿½ï¿½ï¿½ï¿½ï¿½ï¿½ï¿½ï¿½ï¿½ï¿½ï¿½ï¿½ï¿½ï¿½ï¿½ï¿½ï¿½ï¿½ï¿½ï¿½ï¿½ï¿½ï¿½ï¿½ï¿½ï¿½ï¿½ï¿½ï¿½ï¿½ï¿½ï¿½ï¿½ï¿½ï¿½ï¿½ï¿½ï¿½ï¿½ï¿½ï¿½ï¿½ï¿½ï¿½ï¿½ï¿½
ï¿½ï¿½ï¿½ï¿½ï¿½ï¿½ï¿½ï¿½ï¿½ï¿½ï¿½ï¿½ï¿½ï¿½ï¿½ï¿½ï¿½ï¿½ï¿½ï¿½ï¿½ï¿½ï¿½ï¿½ï¿½ï¿½ï¿½ï¿½ï¿½ï¿½ï¿½ï¿½ï¿½ï¿½ï¿½ï¿½ï¿½ï¿½ï¿½ï¿½ï¿½ï¿½ï¿½ï¿½ï¿½ï¿½ï¿½ï¿½ï¿½ï¿½ï¿½ï¿½ï¿½ï¿½ï¿½
ï¿½ï¿½ï¿½ï¿½ï¿½ï¿½ï¿½ï¿½ï¿½ï¿½ï¿½ï¿½ï¿½ï¿½ï¿½ï¿½ï¿½ï¿½ï¿½ï¿½ï¿½ï¿½ï¿½ï¿½ï¿½ï¿½ï¿½ï¿½ï¿½ï¿½ï¿½ï¿½ï¿½ï¿½ï¿½ï¿½ï¿½ï¿½ï¿½ï¿½ï¿½ï¿½ï¿½ï¿½ï¿½ï¿½ï¿½ï¿½ï¿½ï¿½ï¿½ï¿½ï¿½ï¿½ï¿½
ï¿½ï¿½ï¿½ï¿½ï¿½ï¿½ï¿½ï¿½ï¿½ï¿½ï¿½ï¿½ï¿½ï¿½ï¿½ï¿½ï¿½ï¿½ï¿½ï¿½ï¿½ï¿½ï¿½ï¿½ï¿½ï¿½ï¿½ï¿½ï¿½ï¿½ï¿½ï¿½ï¿½ï¿½ï¿½ï¿½ï¿½ï¿½ï¿½ï¿½ï¿½ï¿½ï¿½ï¿½ï¿½ï¿½ï¿½ï¿½ï¿½ï¿½ï¿½ï¿½ï¿½ï¿½ï¿½
ï¿½ï¿½ï¿½ï¿½ï¿½ï¿½ï¿½ï¿½ï¿½ï¿½ï¿½ï¿½ï¿½ï¿½ï¿½ï¿½ï¿½ï¿½ï¿½ï¿½ï¿½ï¿½ï¿½ï¿½ï¿½ï¿½ï¿½ï¿½ï¿½ï¿½ï¿½ï¿½ï¿½ï¿½ï¿½ï¿½ï¿½ï¿½ï¿½ï¿½ï¿½ï¿½ï¿½ï¿½ï¿½ï¿½ï¿½ï¿½ï¿½ï¿½ï¿½ï¿½ï¿½ï¿½ï¿½
ï¿½ï¿½ï¿½ï¿½ï¿½ï¿½ï¿½ï¿½ï¿½ï¿½ï¿½ï¿½ï¿½ï¿½ï¿½ï¿½ï¿½ï¿½ï¿½ï¿½ï¿½ï¿½ï¿½ï¿½ï¿½ï¿½ï¿½ï¿½ï¿½ï¿½ï¿½ï¿½ï¿½ï¿½ï¿½ï¿½ï¿½ï¿½ï¿½ï¿½ï¿½ï¿½ï¿½ï¿½ï¿½ï¿½ï¿½ï¿½ï¿½ï¿½ï¿½ï¿½ï¿½ï¿½ï¿½
ï¿½ï¿½ï¿½ï¿½ï¿½ï¿½ï¿½ï¿½ï¿½ï¿½ï¿½ï¿½ï¿½ï¿½ï¿½ï¿½ï¿½ï¿½ï¿½ï¿½ï¿½ï¿½ï¿½ï¿½ï¿½ï¿½ï¿½ï¿½ï¿½ï¿½ï¿½ï¿½ï¿½ï¿½ï¿½ï¿½ï¿½ï¿½ï¿½ï¿½ï¿½ï¿½ï¿½ï¿½ï¿½ï¿½ï¿½ï¿½ï¿½ï¿½ï¿½ï¿½ï¿½ï¿½ï¿½
ï¿½ï¿½ï¿½ï¿½ï¿½ï¿½ï¿½ï¿½ï¿½ï¿½ï¿½ï¿½ï¿½ï¿½ï¿½ï¿½ï¿½ï¿½ï¿½ï¿½ï¿½ï¿½ï¿½ï¿½ï¿½ï¿½ï¿½ï¿½ï¿½ï¿½ï¿½ï¿½ï¿½ï¿½ï¿½ï¿½ï¿½ï¿½ï¿½ï¿½ï¿½ï¿½ï¿½ï¿½ï¿½ï¿½ï¿½ï¿½ï¿½ï¿½ï¿½ï¿½ï¿½ï¿½ï¿½
NKAÊVAï¿½ï¿½ï¿½ï¿½ï¿½ï¿½ï¿½ï¿½ï¿½ï¿½ï¿½ï¿½ï¿½ï¿½ï¿½ï¿½ï¿½ï¿½ï¿½ï¿½ï¿½ï¿½ï¿½ï¿½ï¿½ï¿½ï¿½ï¿½ï¿½ï¿½ï¿½ï¿½ï¿½ï¿½ï¿½ï¿½ï¿½ï¿½ï¿½ï¿½ï¿½ï¿½ï¿½ï¿½ï¿½ï¿½ï¿½ï¿½ï¿½ï¿½
ï¿½ï¿½ï¿½ï¿½ï¿½ï¿½ï¿½ï¿½ï¿½ï¿½ï¿½ï¿½ï¿½ï¿½ï¿½ï¿½ï¿½ï¿½ï¿½ï¿½ï¿½ï¿½ï¿½ï¿½ï¿½ï¿½ï¿½ï¿½ï¿½ï¿½ï¿½ï¿½ï¿½ï¿½ï¿½ï¿½ï¿½ï¿½ï¿½ï¿½ï¿½ï¿½ï¿½ï¿½ï¿½ï¿½ï¿½ï¿½ï¿½ï¿½ï¿½ï¿½ï¿½ï¿½ï¿½
ï¿½ï¿½ï¿½ï¿½ï¿½ï¿½ï¿½ï¿½ï¿½ï¿½ï¿½ï¿½ï¿½ï¿½ï¿½ï¿½ï¿½ï¿½ï¿½ï¿½ï¿½ï¿½ï¿½ï¿½ï¿½ï¿½ï¿½ï¿½ï¿½ï¿½ï¿½ï¿½ï¿½ï¿½ï¿½ï¿½ï¿½ï¿½ï¿½ï¿½ï¿½ï¿½ï¿½ï¿½ï¿½ï¿½ï¿½ï¿½ï¿½ï¿½ï¿½ï¿½ï¿½ï¿½ï¿½
ï¿½ï¿½ï¿½ï¿½ï¿½ï¿½ï¿½ï¿½ï¿½ï¿½ï¿½ï¿½ï¿½ï¿½ï¿½ï¿½ï¿½ï¿½ï¿½ï¿½ï¿½ï¿½ï¿½ï¿½ï¿½ï¿½ï¿½ï¿½ï¿½ï¿½ï¿½ï¿½ï¿½ï¿½ï¿½ï¿½ï¿½ï¿½ï¿½ï¿½ï¿½ï¿½ï¿½ï¿½ï¿½ï¿½ï¿½ï¿½ï¿½ï¿½ï¿½ï¿½ï¿½ï¿½ï¿½
ï¿½ï¿½ï¿½ï¿½ï¿½ï¿½ï¿½ï¿½ï¿½ï¿½ï¿½ï¿½ï¿½ï¿½ï¿½ï¿½ï¿½ï¿½ï¿½ï¿½ï¿½ï¿½ï¿½ï¿½ï¿½ï¿½ï¿½ï¿½ï¿½ï¿½ï¿½ï¿½ï¿½ï¿½ï¿½ï¿½ï¿½ï¿½ï¿½ï¿½ï¿½ï¿½ï¿½ï¿½ï¿½ï¿½ï¿½ï¿½ï¿½ï¿½ï¿½ï¿½ï¿½ï¿½ï¿½
ï¿½ï¿½ï¿½ï¿½ï¿½ï¿½ï¿½ï¿½ï¿½ï¿½ï¿½ï¿½ï¿½ï¿½ï¿½ï¿½ï¿½ï¿½ï¿½ï¿½ï¿½ï¿½ï¿½ï¿½ï¿½ï¿½ï¿½ï¿½ï¿½ï¿½ï¿½ï¿½ï¿½ï¿½ï¿½ï¿½ï¿½ï¿½ï¿½ï¿½ï¿½ï¿½ï¿½ï¿½ï¿½ï¿½ï¿½ï¿½ï¿½ï¿½ï¿½ï¿½ï¿½ï¿½ï¿½
